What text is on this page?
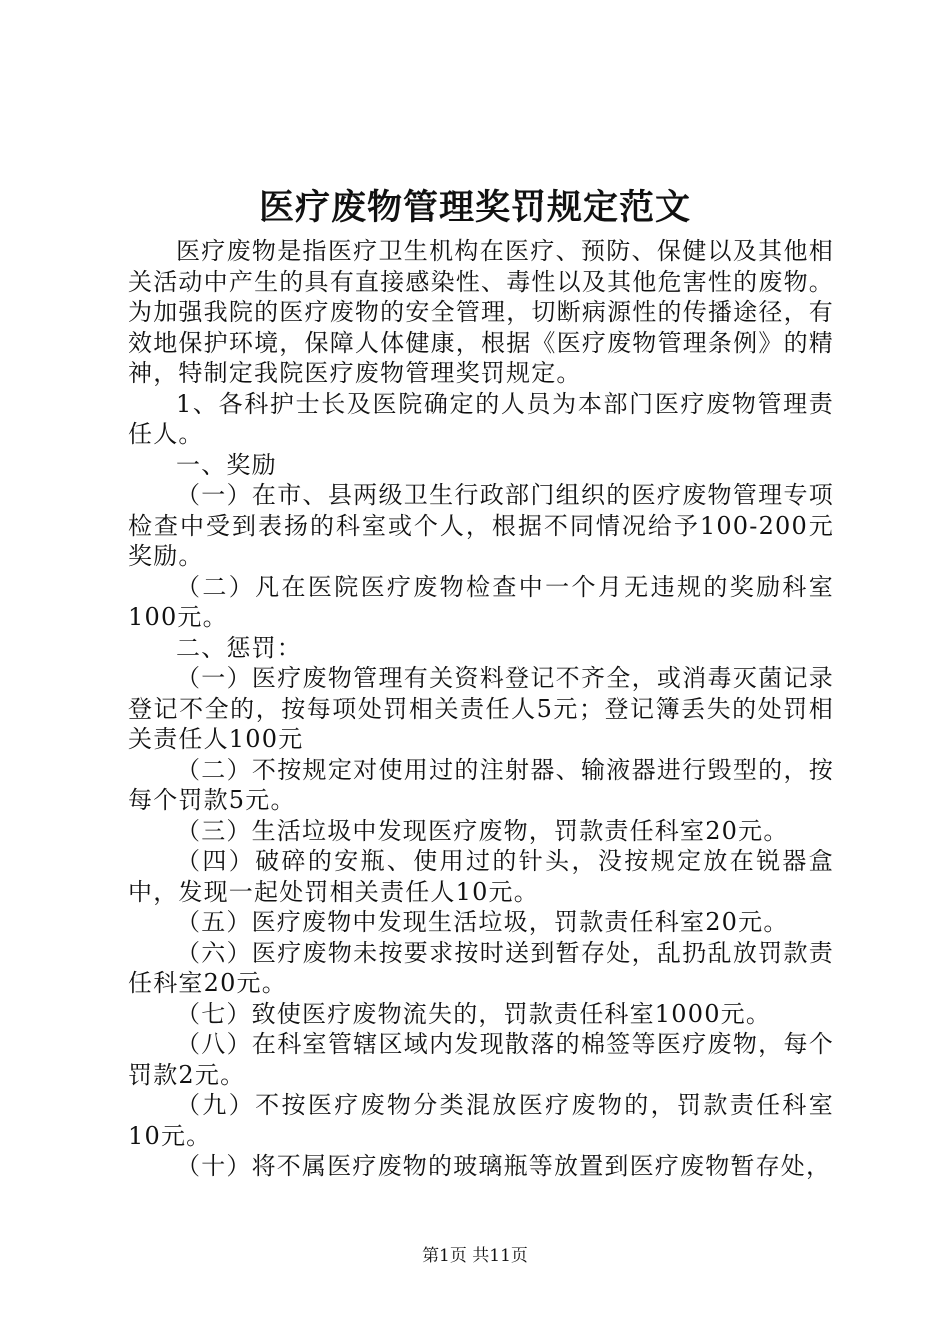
医疗废物管理奖罚规定范文

医疗废物是指医疗卫生机构在医疗、预防、保健以及其他相关活动中产生的具有直接感染性、毒性以及其他危害性的废物。为加强我院的医疗废物的安全管理，切断病源性的传播途径，有效地保护环境，保障人体健康，根据《医疗废物管理条例》的精神，特制定我院医疗废物管理奖罚规定。

1、各科护士长及医院确定的人员为本部门医疗废物管理责任人。

一、奖励

（一）在市、县两级卫生行政部门组织的医疗废物管理专项检查中受到表扬的科室或个人，根据不同情况给予100-200元奖励。

（二）凡在医院医疗废物检查中一个月无违规的奖励科室100元。

二、惩罚：

（一）医疗废物管理有关资料登记不齐全，或消毒灭菌记录登记不全的，按每项处罚相关责任人5元；登记簿丢失的处罚相关责任人100元

（二）不按规定对使用过的注射器、输液器进行毁型的，按每个罚款5元。

（三）生活垃圾中发现医疗废物，罚款责任科室20元。

（四）破碎的安瓶、使用过的针头，没按规定放在锐器盒中，发现一起处罚相关责任人10元。

（五）医疗废物中发现生活垃圾，罚款责任科室20元。

（六）医疗废物未按要求按时送到暂存处，乱扔乱放罚款责任科室20元。

（七）致使医疗废物流失的，罚款责任科室1000元。

（八）在科室管辖区域内发现散落的棉签等医疗废物，每个罚款2元。

（九）不按医疗废物分类混放医疗废物的，罚款责任科室10元。

（十）将不属医疗废物的玻璃瓶等放置到医疗废物暂存处，

第1页 共11页
